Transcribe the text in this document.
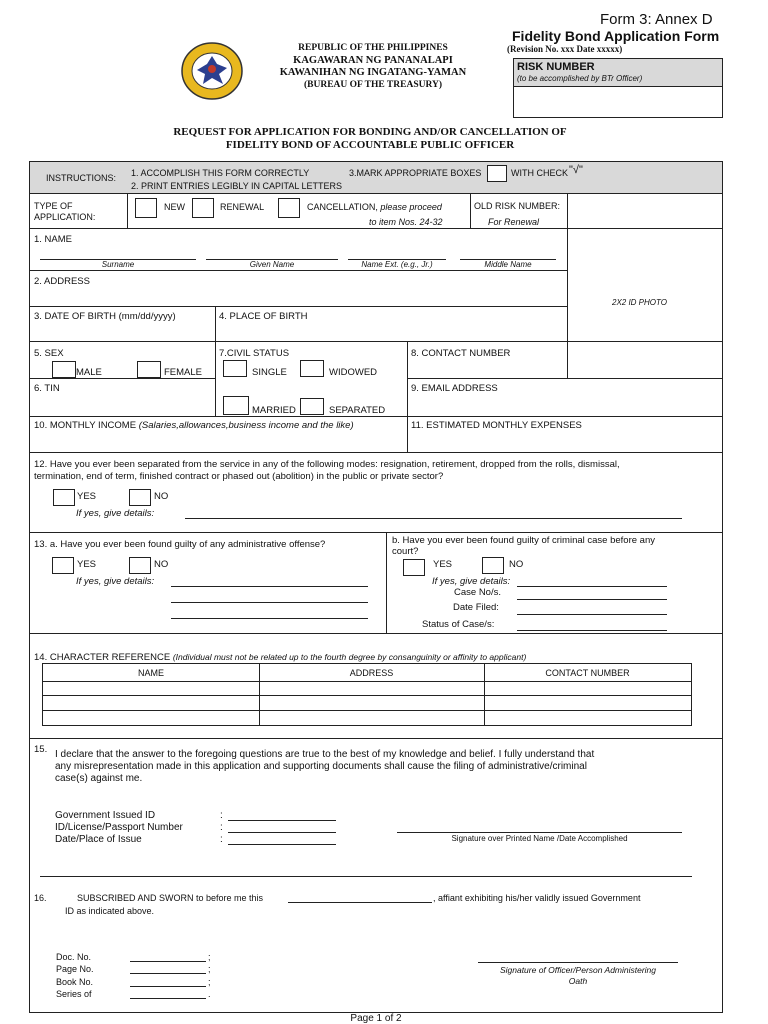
Form 3: Annex D
Fidelity Bond Application Form
(Revision No. xxx Date xxxxx)
REPUBLIC OF THE PHILIPPINES
KAGAWARAN NG PANANALAPI
KAWANIHAN NG INGATANG-YAMAN
(BUREAU OF THE TREASURY)
RISK NUMBER
(to be accomplished by BTr Officer)
REQUEST FOR APPLICATION FOR BONDING AND/OR CANCELLATION OF
FIDELITY BOND OF ACCOUNTABLE PUBLIC OFFICER
INSTRUCTIONS: 1. ACCOMPLISH THIS FORM CORRECTLY
2. PRINT ENTRIES LEGIBLY IN CAPITAL LETTERS
3.MARK APPROPRIATE BOXES	WITH CHECK "√"
TYPE OF APPLICATION:
NEW	RENEWAL	CANCELLATION, please proceed
to item Nos. 24-32
OLD RISK NUMBER:
For Renewal
1. NAME
Surname	Given Name	Name Ext. (e.g., Jr.)	Middle Name
2. ADDRESS
2X2 ID PHOTO
3. DATE OF BIRTH (mm/dd/yyyy)	4. PLACE OF BIRTH
5. SEX
MALE	FEMALE
7.CIVIL STATUS
SINGLE	WIDOWED
8. CONTACT NUMBER
6. TIN
MARRIED	SEPARATED
9. EMAIL ADDRESS
10. MONTHLY INCOME (Salaries,allowances,business income and the like)	11. ESTIMATED MONTHLY EXPENSES
12. Have you ever been separated from the service in any of the following modes: resignation, retirement, dropped from the rolls, dismissal,
termination, end of term, finished contract or phased out (abolition) in the public or private sector?
YES	NO
If yes, give details:
13. a. Have you ever been found guilty of any administrative offense?
YES	NO
If yes, give details:
b. Have you ever been found guilty of criminal case before any
court?
YES	NO
If yes, give details:
Case No/s.
Date Filed:
Status of Case/s:
14. CHARACTER REFERENCE (Individual must not be related up to the fourth degree by consanguinity or affinity to applicant)
NAME	ADDRESS	CONTACT NUMBER
15. I declare that the answer to the foregoing questions are true to the best of my knowledge and belief. I fully understand that
any misrepresentation made in this application and supporting documents shall cause the filing of administrative/criminal
case(s) against me.
Government Issued ID
ID/License/Passport Number
Date/Place of Issue
:
:
:	Signature over Printed Name /Date Accomplished
16.	SUBSCRIBED AND SWORN to before me this	, affiant exhibiting his/her validly issued Government
ID as indicated above.
Doc. No.
Page No.
Book No.
Series of
;
;
;
.
Signature of Officer/Person Administering
Oath
Page 1 of 2
